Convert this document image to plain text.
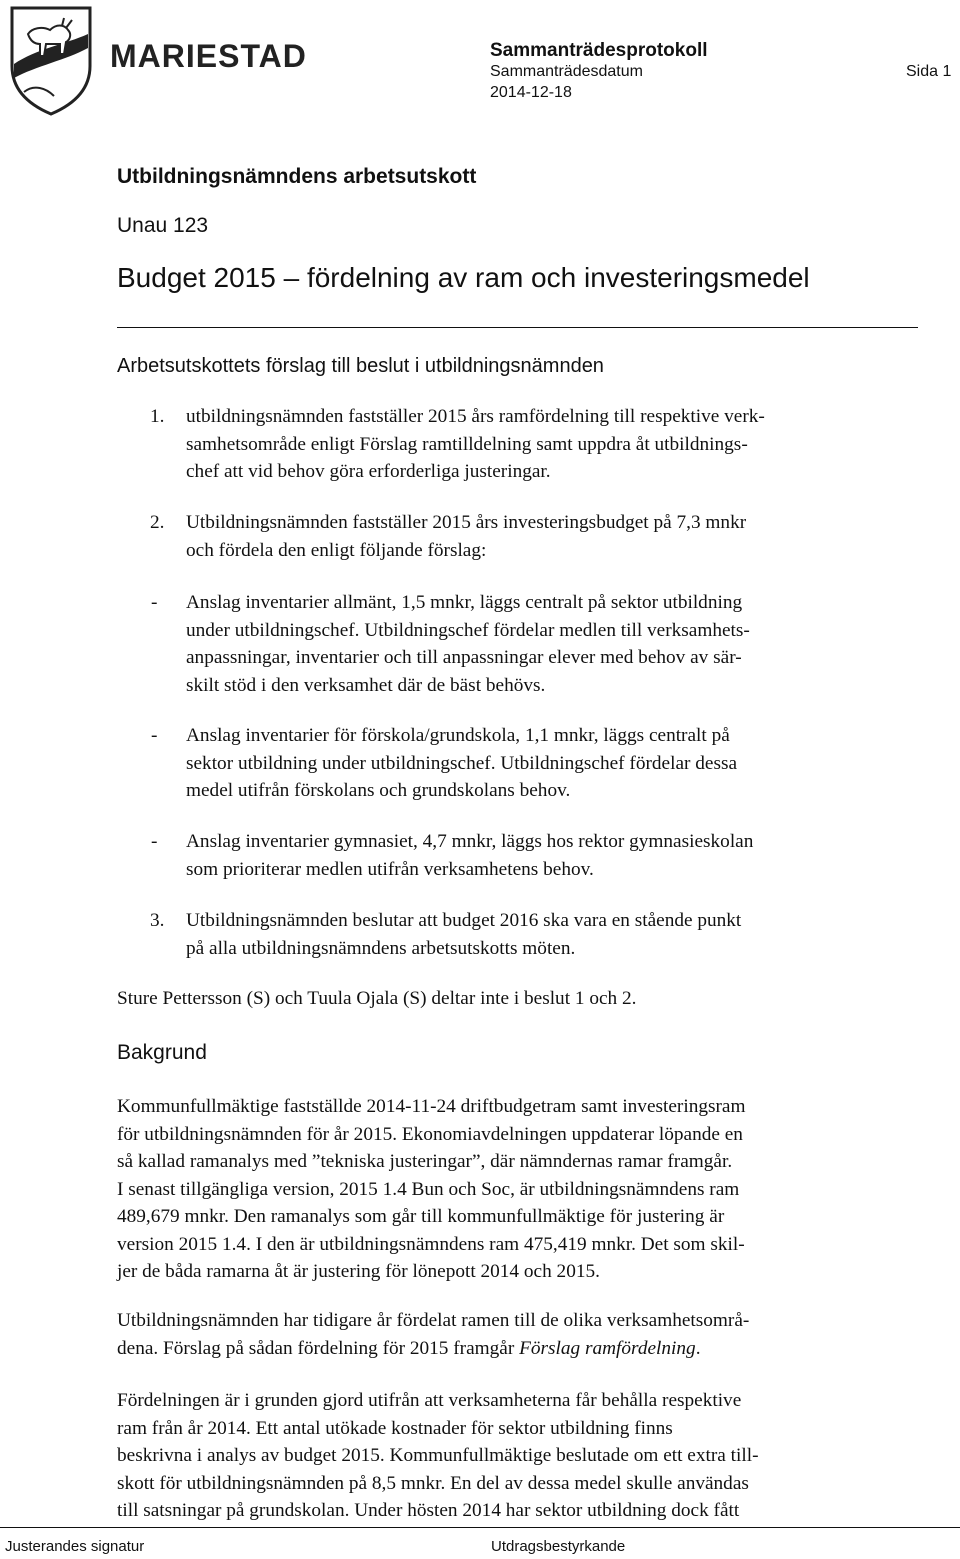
MARIESTAD	Sammanträdesprotokoll
Sammanträdesdatum
2014-12-18
Sida 1
Utbildningsnämndens arbetsutskott
Unau 123
Budget 2015 – fördelning av ram och investeringsmedel
Arbetsutskottets förslag till beslut i utbildningsnämnden
1.	utbildningsnämnden fastställer 2015 års ramfördelning till respektive verk-
samhetsområde enligt Förslag ramtilldelning samt uppdra åt utbildnings-
chef att vid behov göra erforderliga justeringar.
2.	Utbildningsnämnden fastställer 2015 års investeringsbudget på 7,3 mnkr
och fördela den enligt följande förslag:
-	Anslag inventarier allmänt, 1,5 mnkr, läggs centralt på sektor utbildning
under utbildningschef. Utbildningschef fördelar medlen till verksamhets-
anpassningar, inventarier och till anpassningar elever med behov av sär-
skilt stöd i den verksamhet där de bäst behövs.
-	Anslag inventarier för förskola/grundskola, 1,1 mnkr, läggs centralt på
sektor utbildning under utbildningschef. Utbildningschef fördelar dessa
medel utifrån förskolans och grundskolans behov.
-	Anslag inventarier gymnasiet, 4,7 mnkr, läggs hos rektor gymnasieskolan
som prioriterar medlen utifrån verksamhetens behov.
3.	Utbildningsnämnden beslutar att budget 2016 ska vara en stående punkt
på alla utbildningsnämndens arbetsutskotts möten.
Sture Pettersson (S) och Tuula Ojala (S) deltar inte i beslut 1 och 2.
Bakgrund
Kommunfullmäktige fastställde 2014-11-24 driftbudgetram samt investeringsram
för utbildningsnämnden för år 2015. Ekonomiavdelningen uppdaterar löpande en
så kallad ramanalys med ”tekniska justeringar”, där nämndernas ramar framgår.
I senast tillgängliga version, 2015 1.4 Bun och Soc, är utbildningsnämndens ram
489,679 mnkr. Den ramanalys som går till kommunfullmäktige för justering är
version 2015 1.4. I den är utbildningsnämndens ram 475,419 mnkr. Det som skil-
jer de båda ramarna åt är justering för lönepott 2014 och 2015.
Utbildningsnämnden har tidigare år fördelat ramen till de olika verksamhetsområ-
dena. Förslag på sådan fördelning för 2015 framgår Förslag ramfördelning.
Fördelningen är i grunden gjord utifrån att verksamheterna får behålla respektive
ram från år 2014. Ett antal utökade kostnader för sektor utbildning finns
beskrivna i analys av budget 2015. Kommunfullmäktige beslutade om ett extra till-
skott för utbildningsnämnden på 8,5 mnkr. En del av dessa medel skulle användas
till satsningar på grundskolan. Under hösten 2014 har sektor utbildning dock fått
Justerandes signatur	Utdragsbestyrkande
